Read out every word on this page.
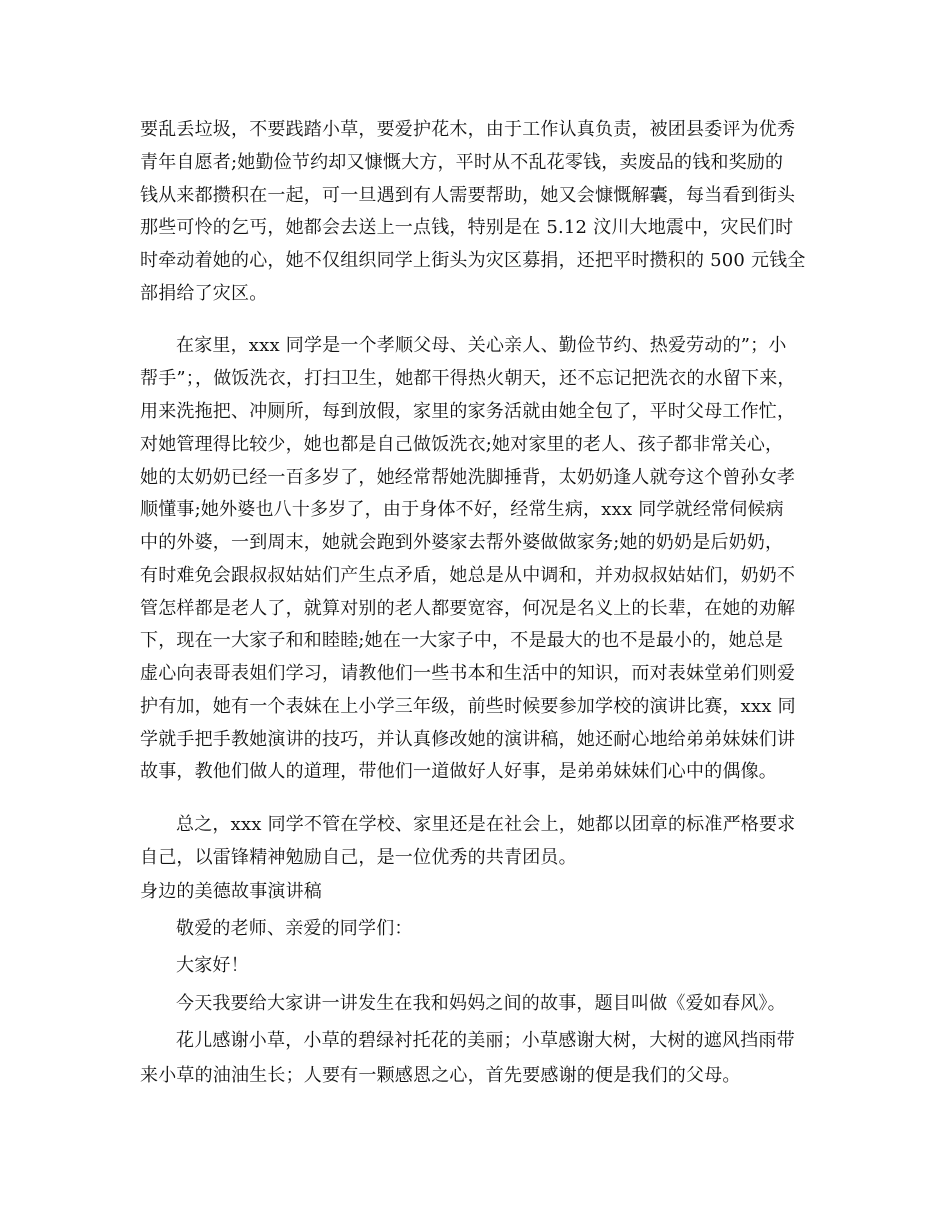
要乱丢垃圾，不要践踏小草，要爱护花木，由于工作认真负责，被团县委评为优秀
青年自愿者;她勤俭节约却又慷慨大方，平时从不乱花零钱，卖废品的钱和奖励的
钱从来都攒积在一起，可一旦遇到有人需要帮助，她又会慷慨解囊，每当看到街头
那些可怜的乞丐，她都会去送上一点钱，特别是在 5.12 汶川大地震中，灾民们时
时牵动着她的心，她不仅组织同学上街头为灾区募捐，还把平时攒积的 500 元钱全
部捐给了灾区。
在家里，xxx 同学是一个孝顺父母、关心亲人、勤俭节约、热爱劳动的”；小
帮手”；，做饭洗衣，打扫卫生，她都干得热火朝天，还不忘记把洗衣的水留下来，
用来洗拖把、冲厕所，每到放假，家里的家务活就由她全包了，平时父母工作忙，
对她管理得比较少，她也都是自己做饭洗衣;她对家里的老人、孩子都非常关心，
她的太奶奶已经一百多岁了，她经常帮她洗脚捶背，太奶奶逢人就夸这个曾孙女孝
顺懂事;她外婆也八十多岁了，由于身体不好，经常生病，xxx 同学就经常伺候病
中的外婆，一到周末，她就会跑到外婆家去帮外婆做做家务;她的奶奶是后奶奶，
有时难免会跟叔叔姑姑们产生点矛盾，她总是从中调和，并劝叔叔姑姑们，奶奶不
管怎样都是老人了，就算对别的老人都要宽容，何况是名义上的长辈，在她的劝解
下，现在一大家子和和睦睦;她在一大家子中，不是最大的也不是最小的，她总是
虚心向表哥表姐们学习，请教他们一些书本和生活中的知识，而对表妹堂弟们则爱
护有加，她有一个表妹在上小学三年级，前些时候要参加学校的演讲比赛，xxx 同
学就手把手教她演讲的技巧，并认真修改她的演讲稿，她还耐心地给弟弟妹妹们讲
故事，教他们做人的道理，带他们一道做好人好事，是弟弟妹妹们心中的偶像。
总之，xxx 同学不管在学校、家里还是在社会上，她都以团章的标准严格要求
自己，以雷锋精神勉励自己，是一位优秀的共青团员。
身边的美德故事演讲稿
敬爱的老师、亲爱的同学们：
大家好！
今天我要给大家讲一讲发生在我和妈妈之间的故事，题目叫做《爱如春风》。
花儿感谢小草，小草的碧绿衬托花的美丽；小草感谢大树，大树的遮风挡雨带
来小草的油油生长；人要有一颗感恩之心，首先要感谢的便是我们的父母。
